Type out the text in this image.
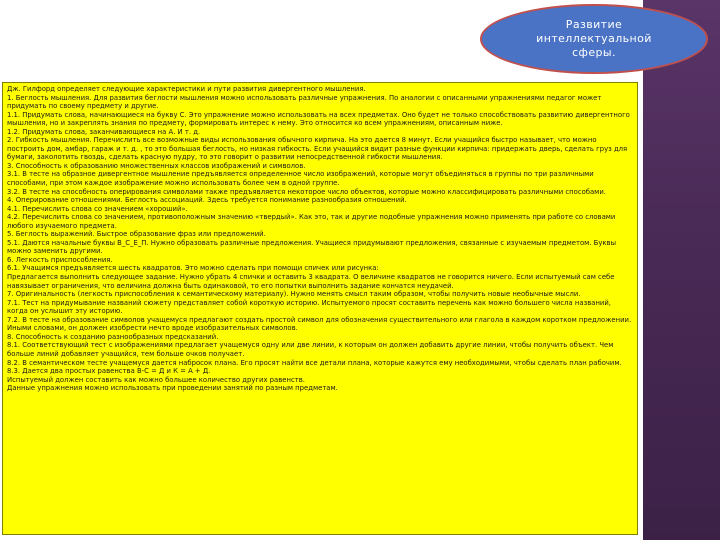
Развитие интеллектуальной сферы.

Дж. Гилфорд определяет следующие характеристики и пути развития дивергентного мышления.

1. Беглость мышления. Для развития беглости мышления можно использовать различные упражнения. По аналогии с описанными упражнениями педагог может придумать по своему предмету и другие.

1.1. Придумать слова, начинающиеся на букву С. Это упражнение можно использовать на всех предметах. Оно будет не только способствовать развитию дивергентного мышления, но и закреплять знания по предмету, формировать интерес к нему. Это относится ко всем упражнениям, описанным ниже.

1.2. Придумать слова, заканчивающиеся на А. И т. д.

2. Гибкость мышления. Перечислить все возможные виды использования обычного кирпича. На это дается 8 минут. Если учащийся быстро называет, что можно построить дом, амбар, гараж и т. д. , то это большая беглость, но низкая гибкость. Если учащийся видит разные функции кирпича: придержать дверь, сделать груз для бумаги, заколотить гвоздь, сделать красную пудру, то это говорит о развитии непосредственной гибкости мышления.

3. Способность к образованию множественных классов изображений и символов.

3.1. В тесте на образное дивергентное мышление предъявляется определенное число изображений, которые могут объединяться в группы по три различными способами, при этом каждое изображение можно использовать более чем в одной группе.

3.2. В тесте на способность оперирования символами также предъявляется некоторое число объектов, которые можно классифицировать различными способами.

4. Оперирование отношениями. Беглость ассоциаций. Здесь требуется понимание разнообразия отношений.

4.1. Перечислить слова со значением «хороший».

4.2. Перечислить слова со значением, противоположным значению «твердый». Как это, так и другие подобные упражнения можно применять при работе со словами любого изучаемого предмета.

5. Беглость выражений. Быстрое образование фраз или предложений.

5.1. Даются начальные буквы В_С_Е_П. Нужно образовать различные предложения. Учащиеся придумывают предложения, связанные с изучаемым предметом. Буквы можно заменить другими.

6. Легкость приспособления.

6.1. Учащимся предъявляется шесть квадратов. Это можно сделать при помощи спичек или рисунка:

Предлагается выполнить следующее задание. Нужно убрать 4 спички и оставить 3 квадрата. О величине квадратов не говорится ничего. Если испытуемый сам себе навязывает ограничения, что величина должна быть одинаковой, то его попытки выполнить задание кончатся неудачей.

7. Оригинальность (легкость приспособления к семантическому материалу). Нужно менять смысл таким образом, чтобы получить новые необычные мысли.

7.1. Тест на придумывание названий сюжету представляет собой короткую историю. Испытуемого просят составить перечень как можно большего числа названий, когда он услышит эту историю.

7.2. В тесте на образование символов учащемуся предлагают создать простой символ для обозначения существительного или глагола в каждом коротком предложении. Иными словами, он должен изобрести нечто вроде изобразительных символов.

8. Способность к созданию разнообразных предсказаний.

8.1. Соответствующий тест с изображениями предлагает учащемуся одну или две линии, к которым он должен добавить другие линии, чтобы получить объект. Чем больше линий добавляет учащийся, тем больше очков получает.

8.2. В семантическом тесте учащемуся дается набросок плана. Его просят найти все детали плана, которые кажутся ему необходимыми, чтобы сделать план рабочим.

8.3. Дается два простых равенства В-С = Д и К = А + Д.

Испытуемый должен составить как можно большее количество других равенств.

Данные упражнения можно использовать при проведении занятий по разным предметам.
